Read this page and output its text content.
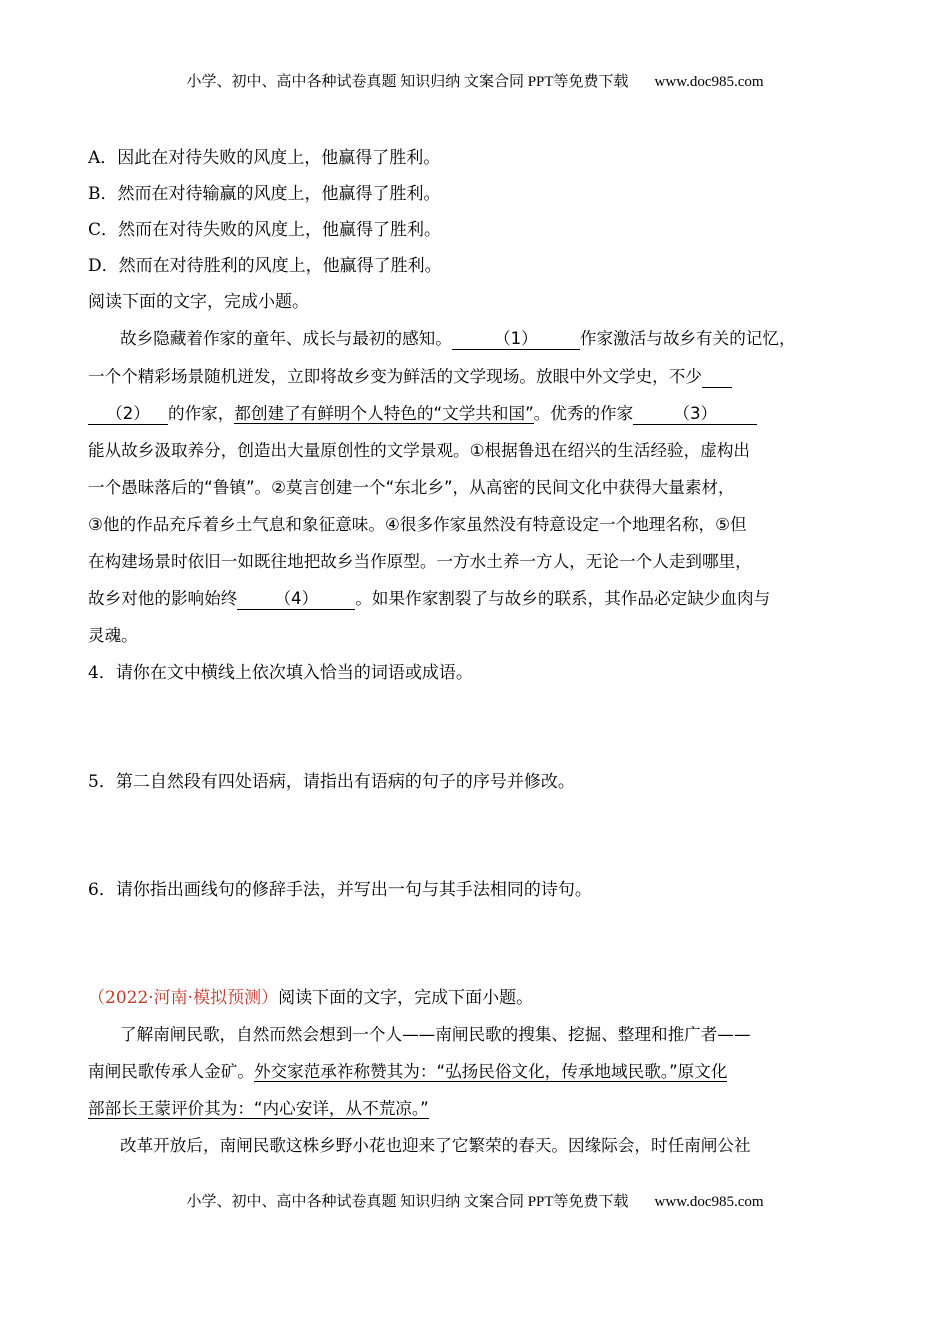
小学、初中、高中各种试卷真题 知识归纳 文案合同 PPT等免费下载 www.doc985.com
A．因此在对待失败的风度上，他赢得了胜利。
B．然而在对待输赢的风度上，他赢得了胜利。
C．然而在对待失败的风度上，他赢得了胜利。
D．然而在对待胜利的风度上，他赢得了胜利。
阅读下面的文字，完成小题。
故乡隐藏着作家的童年、成长与最初的感知。	（1）	作家激活与故乡有关的记忆，
一个个精彩场景随机迸发，立即将故乡变为鲜活的文学现场。放眼中外文学史，不少
（2） 的作家，都创建了有鲜明个人特色的“文学共和国”。优秀的作家 （3）
能从故乡汲取养分，创造出大量原创性的文学景观。①根据鲁迅在绍兴的生活经验，虚构出
一个愚昧落后的“鲁镇”。②莫言创建一个“东北乡”，从高密的民间文化中获得大量素材，
③他的作品充斥着乡土气息和象征意味。④很多作家虽然没有特意设定一个地理名称，⑤但
在构建场景时依旧一如既往地把故乡当作原型。一方水土养一方人，无论一个人走到哪里，
故乡对他的影响始终 （4） 。如果作家割裂了与故乡的联系，其作品必定缺少血肉与
灵魂。
4．请你在文中横线上依次填入恰当的词语或成语。
5．第二自然段有四处语病，请指出有语病的句子的序号并修改。
6．请你指出画线句的修辞手法，并写出一句与其手法相同的诗句。
（2022·河南·模拟预测）阅读下面的文字，完成下面小题。
了解南闸民歌，自然而然会想到一个人——南闸民歌的搜集、挖掘、整理和推广者——
南闸民歌传承人金矿。外交家范承祚称赞其为：“弘扬民俗文化，传承地域民歌。”原文化
部部长王蒙评价其为：“内心安详，从不荒凉。”
改革开放后，南闸民歌这株乡野小花也迎来了它繁荣的春天。因缘际会，时任南闸公社
小学、初中、高中各种试卷真题 知识归纳 文案合同 PPT等免费下载 www.doc985.com
